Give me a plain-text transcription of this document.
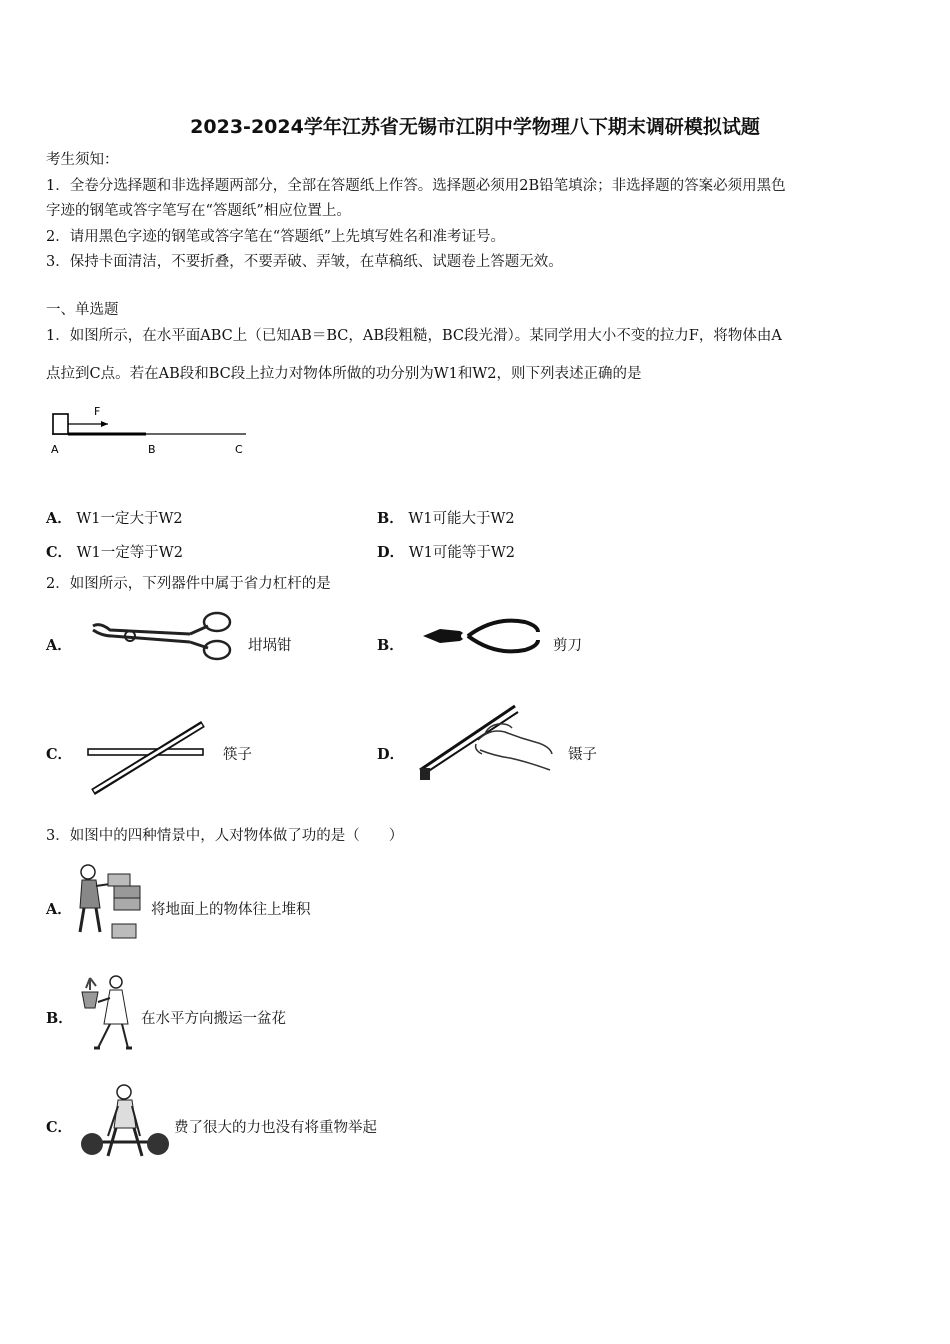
2023-2024学年江苏省无锡市江阴中学物理八下期末调研模拟试题
考生须知：
1．全卷分选择题和非选择题两部分，全部在答题纸上作答。选择题必须用2B铅笔填涂；非选择题的答案必须用黑色
字迹的钢笔或答字笔写在“答题纸”相应位置上。
2．请用黑色字迹的钢笔或答字笔在“答题纸”上先填写姓名和准考证号。
3．保持卡面清洁，不要折叠，不要弄破、弄皱，在草稿纸、试题卷上答题无效。
一、单选题
1．如图所示，在水平面ABC上（已知AB＝BC，AB段粗糙，BC段光滑）。某同学用大小不变的拉力F，将物体由A
点拉到C点。若在AB段和BC段上拉力对物体所做的功分别为W1和W2，则下列表述正确的是
F
A	B	C
A． W1一定大于W2	B． W1可能大于W2
C． W1一定等于W2	D． W1可能等于W2
2．如图所示，下列器件中属于省力杠杆的是
A．	坩埚钳	B．	剪刀
C．	筷子	D．	镊子
3．如图中的四种情景中，人对物体做了功的是（　　）
A．	将地面上的物体往上堆积
B．	在水平方向搬运一盆花
C．	费了很大的力也没有将重物举起
